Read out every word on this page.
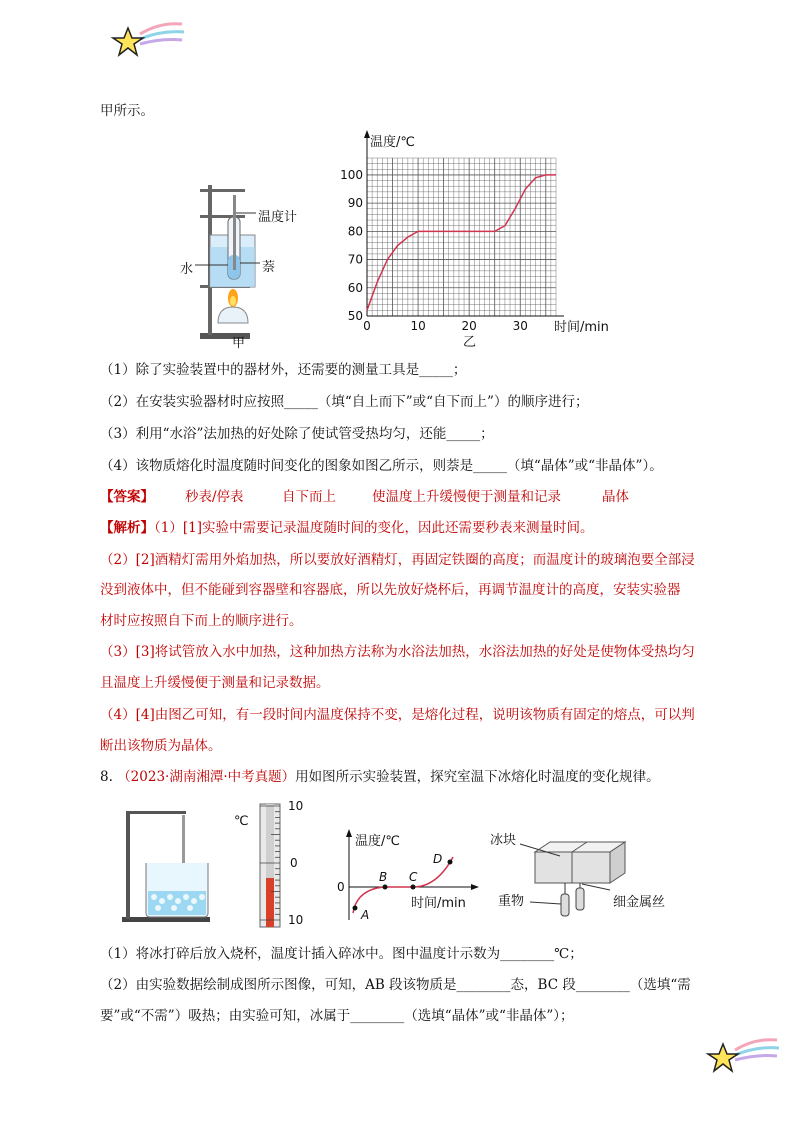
甲所示。
温度计
水	萘
甲
50
60
70
80
90
100
0	10	20	30
温度/℃
时间/min
乙
（1）除了实验装置中的器材外，还需要的测量工具是_____；
（2）在安装实验器材时应按照_____（填“自上而下”或“自下而上”）的顺序进行；
（3）利用“水浴”法加热的好处除了使试管受热均匀，还能_____；
（4）该物质熔化时温度随时间变化的图象如图乙所示，则萘是_____（填“晶体”或“非晶体”）。
【答案】 秒表/停表	自下而上	使温度上升缓慢便于测量和记录	晶体
【解析】（1）[1]实验中需要记录温度随时间的变化，因此还需要秒表来测量时间。
（2）[2]酒精灯需用外焰加热，所以要放好酒精灯，再固定铁圈的高度；而温度计的玻璃泡要全部浸
没到液体中，但不能碰到容器壁和容器底，所以先放好烧杯后，再调节温度计的高度，安装实验器
材时应按照自下而上的顺序进行。
（3）[3]将试管放入水中加热，这种加热方法称为水浴法加热，水浴法加热的好处是使物体受热均匀
且温度上升缓慢便于测量和记录数据。
（4）[4]由图乙可知，有一段时间内温度保持不变，是熔化过程，说明该物质有固定的熔点，可以判
断出该物质为晶体。
8. （2023·湖南湘潭·中考真题）用如图所示实验装置，探究室温下冰熔化时温度的变化规律。
℃
10
0
10
温度/℃
时间/min
0
A
B C
D
冰块
重物	细金属丝
（1）将冰打碎后放入烧杯，温度计插入碎冰中。图中温度计示数为________℃；
（2）由实验数据绘制成图所示图像，可知，AB 段该物质是________态，BC 段________（选填“需
要”或“不需”）吸热；由实验可知，冰属于________（选填“晶体”或“非晶体”）；
